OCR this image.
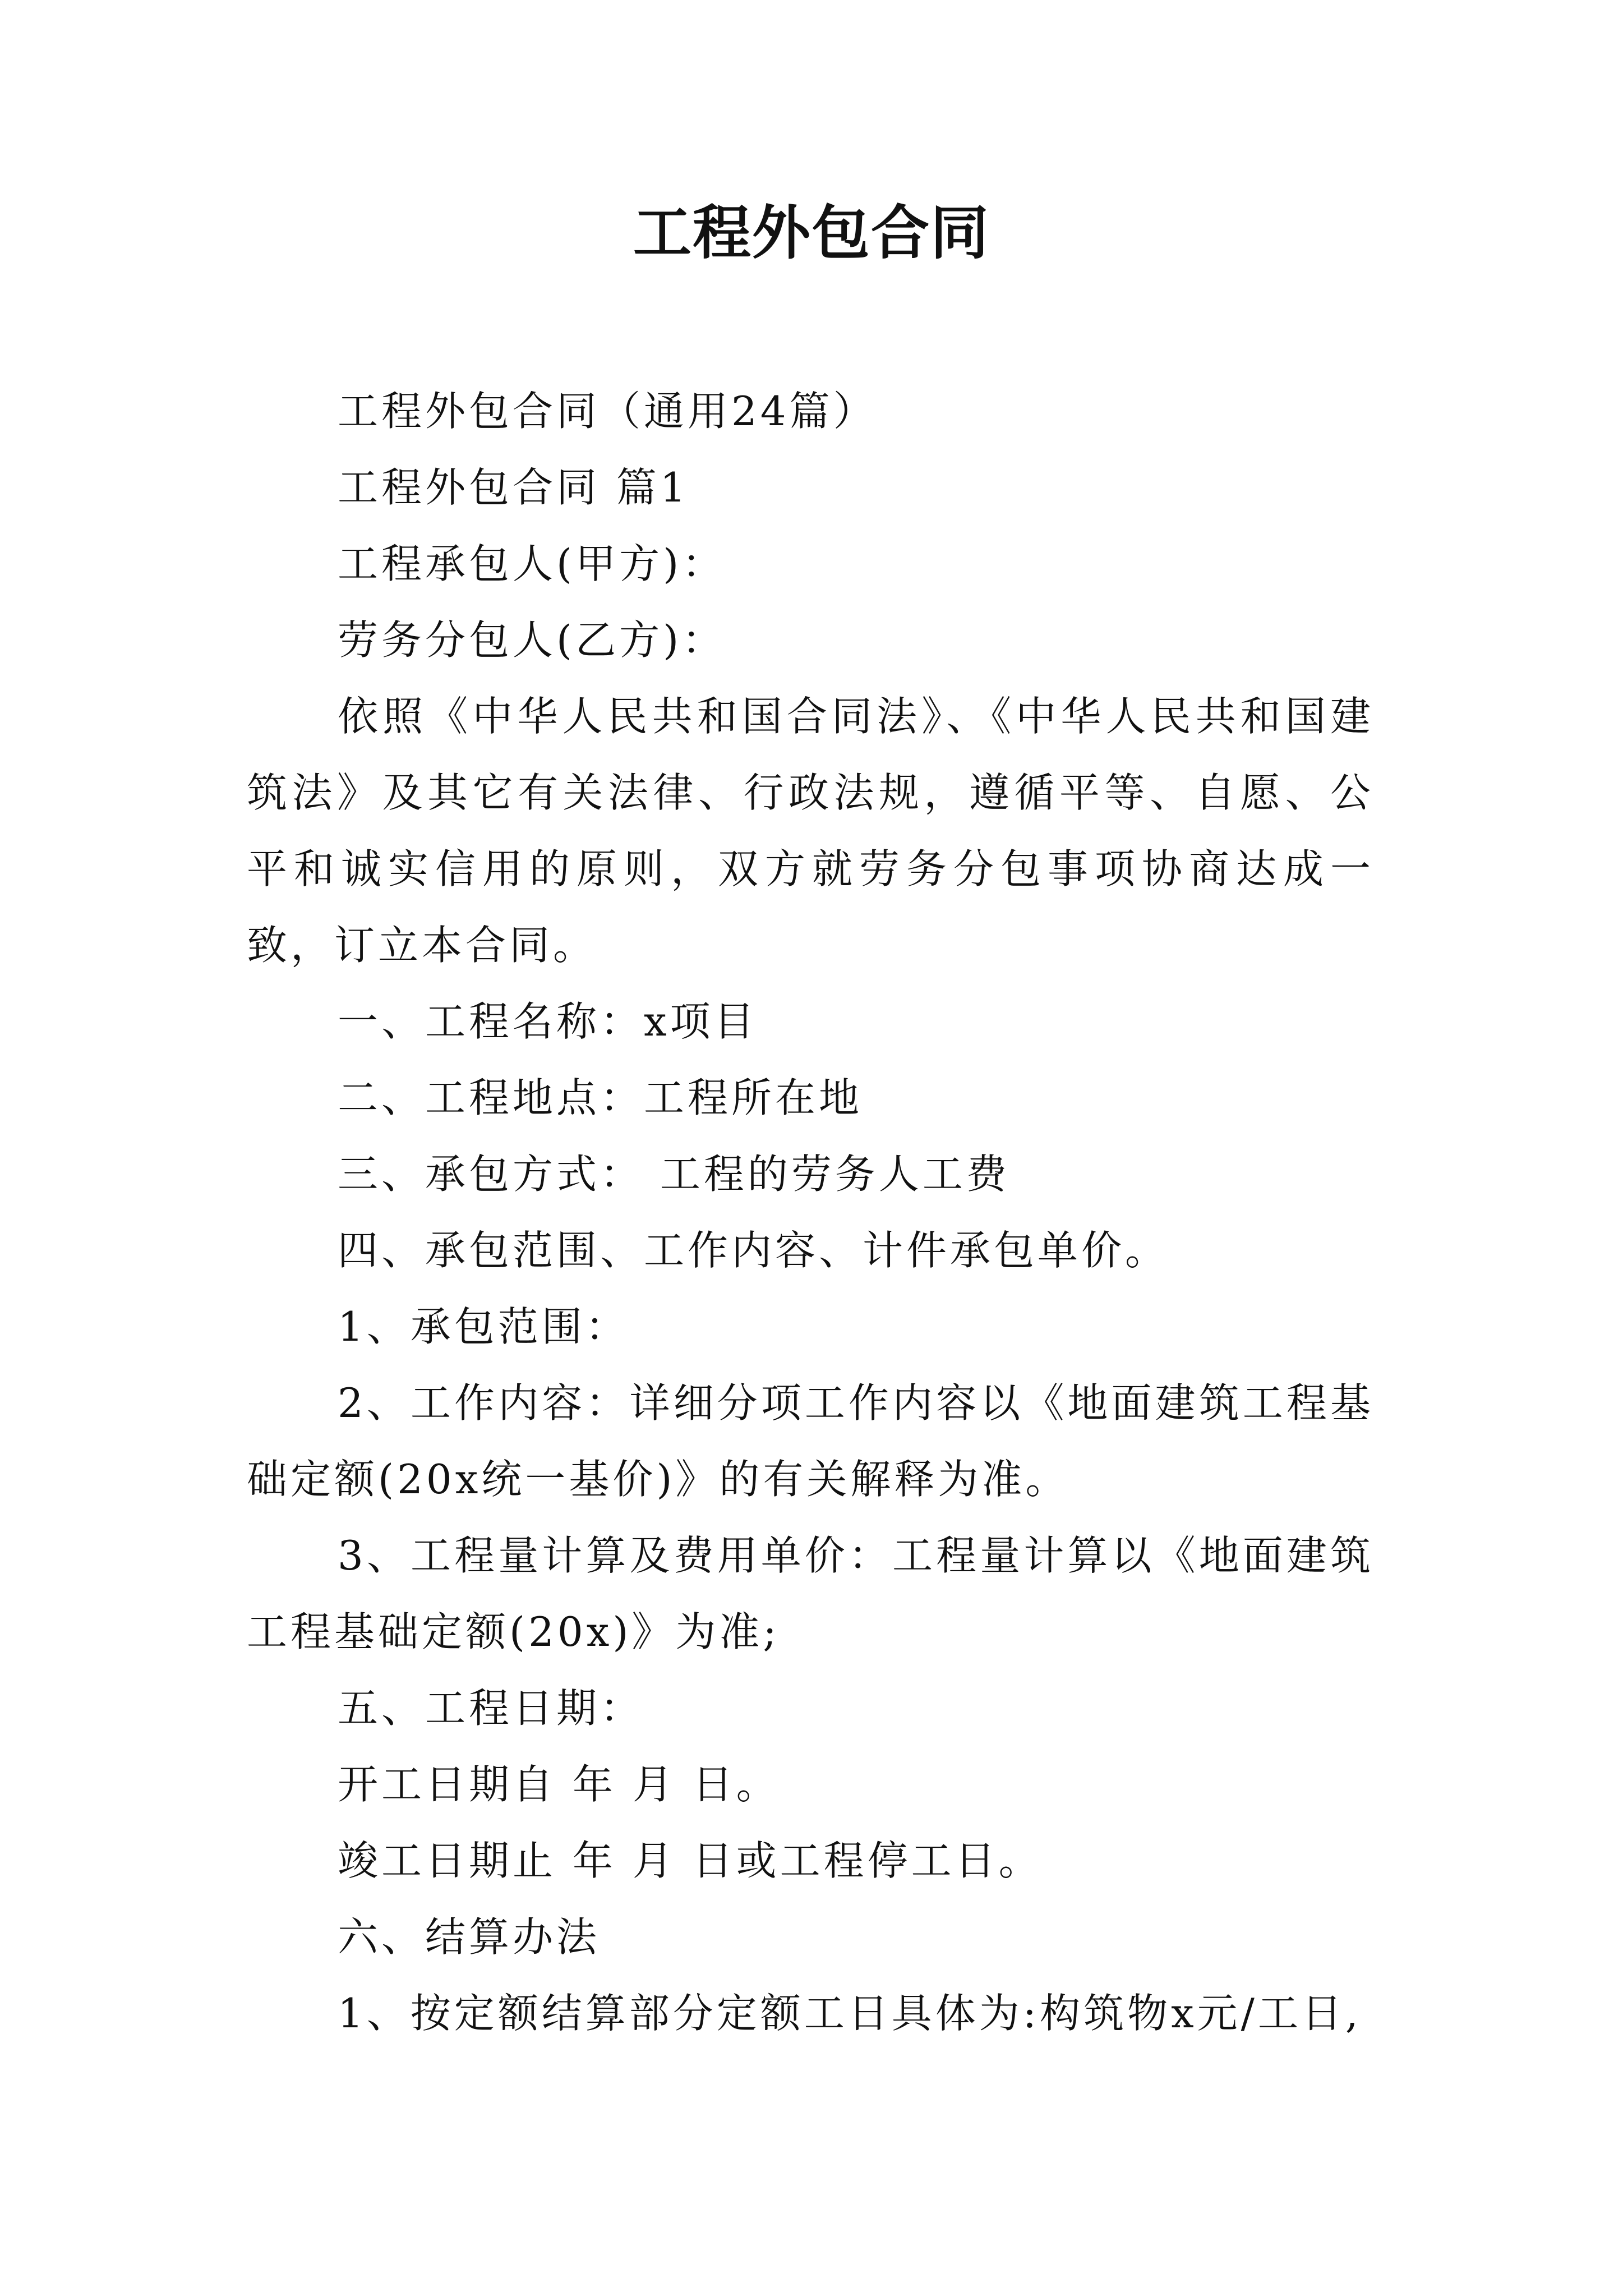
工程外包合同

工程外包合同（通用24篇）

工程外包合同 篇1

工程承包人(甲方)：

劳务分包人(乙方)：

依照《中华人民共和国合同法》、《中华人民共和国建筑法》及其它有关法律、行政法规，遵循平等、自愿、公平和诚实信用的原则，双方就劳务分包事项协商达成一致，订立本合同。

一、工程名称：x项目

二、工程地点：工程所在地

三、承包方式： 工程的劳务人工费

四、承包范围、工作内容、计件承包单价。

1、承包范围：

2、工作内容：详细分项工作内容以《地面建筑工程基础定额(20x统一基价)》的有关解释为准。

3、工程量计算及费用单价：工程量计算以《地面建筑工程基础定额(20x)》为准;

五、工程日期：

开工日期自 年 月 日。

竣工日期止 年 月 日或工程停工日。

六、结算办法

1、按定额结算部分定额工日具体为:构筑物x元/工日,
